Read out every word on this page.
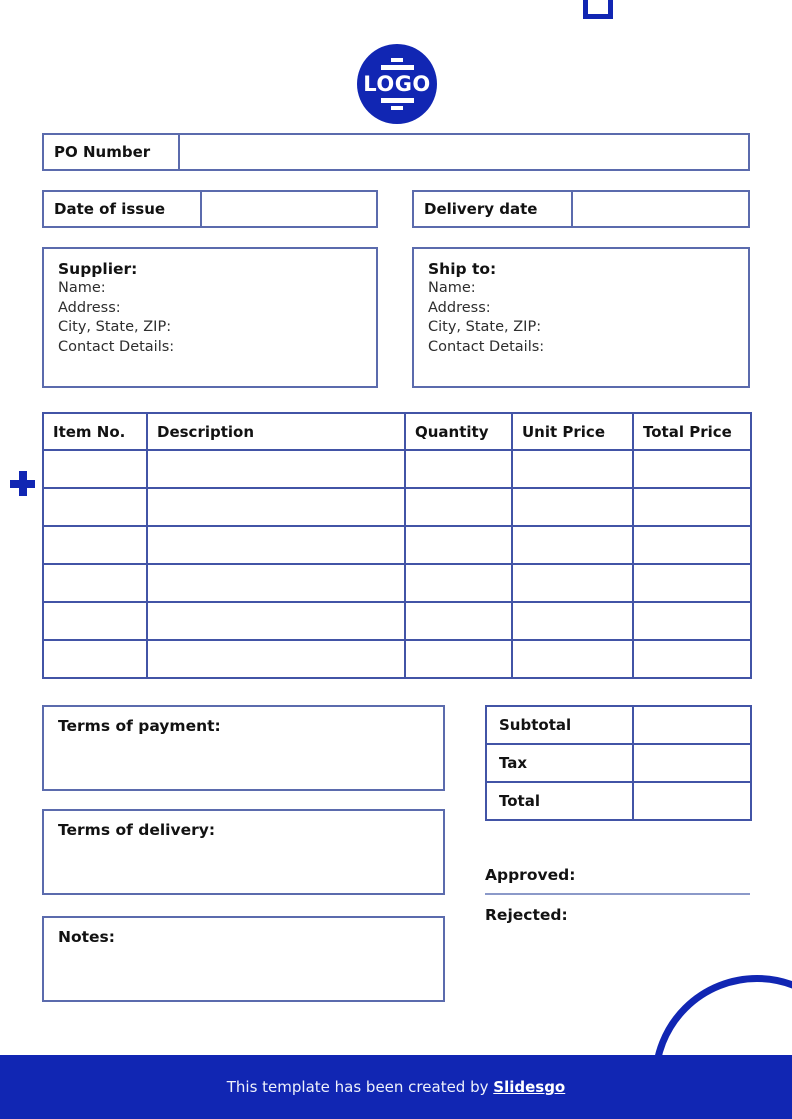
LOGO
PO Number
Date of issue	Delivery date
Supplier:
Name:
Address:
City, State, ZIP:
Contact Details:
Ship to:
Name:
Address:
City, State, ZIP:
Contact Details:
Item No.	Description	Quantity	Unit Price	Total Price

Terms of payment:
Terms of delivery:
Notes:
Subtotal	
Tax	
Total	
Approved:
Rejected:
This template has been created by Slidesgo
